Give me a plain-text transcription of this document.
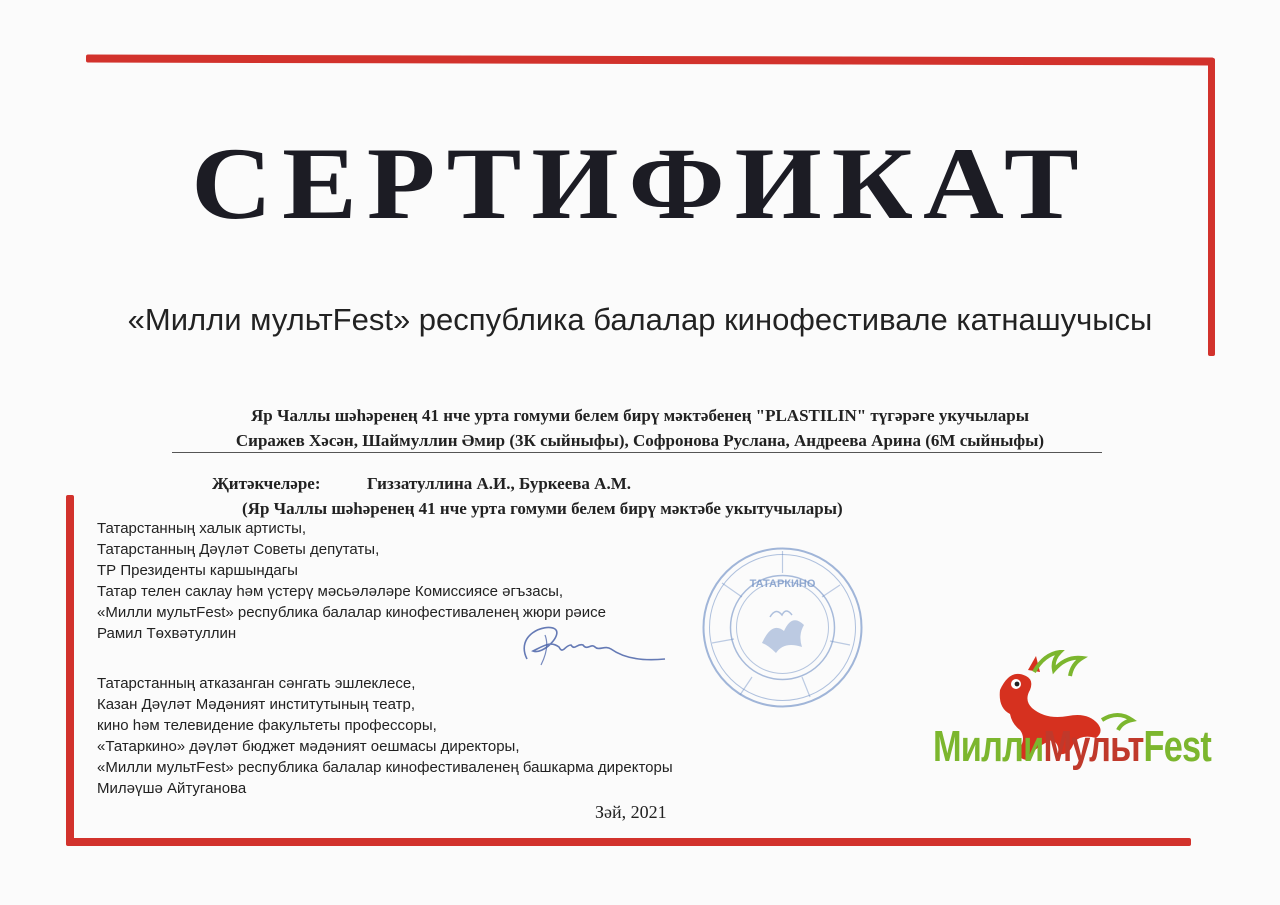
СЕРТИФИКАТ
«Милли мультFest» республика балалар кинофестивале катнашучысы
Яр Чаллы шәһәренең 41 нче урта гомуми белем бирү мәктәбенең "PLASTILIN" түгәрәге укучылары
Сиражев Хәсән, Шаймуллин Әмир (3К сыйныфы), Софронова Руслана, Андреева Арина (6М сыйныфы)
Җитәкчеләре:	Гиззатуллина А.И., Буркеева А.М.
(Яр Чаллы шәһәренең 41 нче урта гомуми белем бирү мәктәбе укытучылары)
Татарстанның халык артисты,
Татарстанның Дәүләт Советы депутаты,
ТР Президенты каршындагы
Татар телен саклау һәм үстерү мәсьәләләре Комиссиясе әгъзасы,
«Милли мультFest» республика балалар кинофестиваленең жюри рәисе
Рамил Төхвәтуллин
Татарстанның атказанган сәнгать эшлеклесе,
Казан Дәүләт Мәдәният институтының театр,
кино һәм телевидение факультеты профессоры,
«Татаркино» дәүләт бюджет мәдәният оешмасы директоры,
«Милли мультFest» республика балалар кинофестиваленең башкарма директоры
Миләүшә Айтуганова
ТАТАРКИНО
МиллиМультFest
Зәй, 2021
